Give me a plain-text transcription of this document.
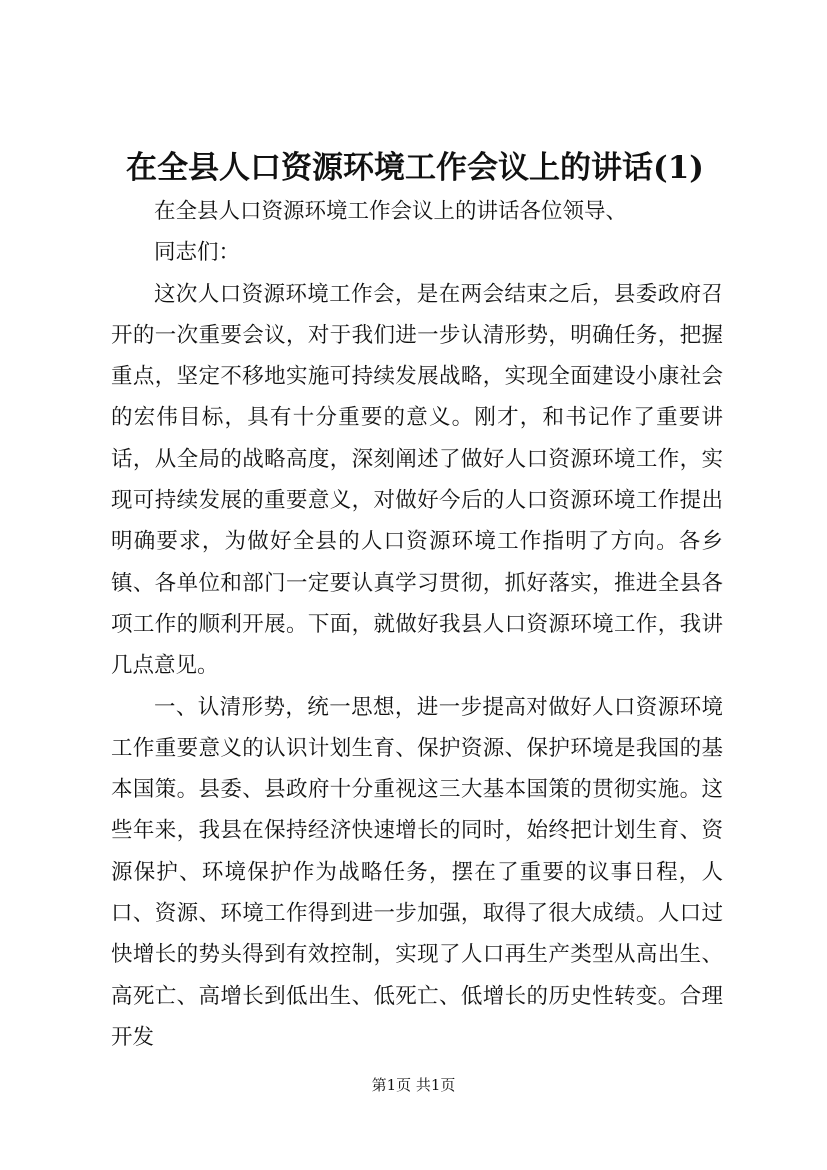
在全县人口资源环境工作会议上的讲话(1)

在全县人口资源环境工作会议上的讲话各位领导、

同志们：

这次人口资源环境工作会，是在两会结束之后，县委政府召开的一次重要会议，对于我们进一步认清形势，明确任务，把握重点，坚定不移地实施可持续发展战略，实现全面建设小康社会的宏伟目标，具有十分重要的意义。刚才，和书记作了重要讲话，从全局的战略高度，深刻阐述了做好人口资源环境工作，实现可持续发展的重要意义，对做好今后的人口资源环境工作提出明确要求，为做好全县的人口资源环境工作指明了方向。各乡镇、各单位和部门一定要认真学习贯彻，抓好落实，推进全县各项工作的顺利开展。下面，就做好我县人口资源环境工作，我讲几点意见。

一、认清形势，统一思想，进一步提高对做好人口资源环境工作重要意义的认识计划生育、保护资源、保护环境是我国的基本国策。县委、县政府十分重视这三大基本国策的贯彻实施。这些年来，我县在保持经济快速增长的同时，始终把计划生育、资源保护、环境保护作为战略任务，摆在了重要的议事日程，人口、资源、环境工作得到进一步加强，取得了很大成绩。人口过快增长的势头得到有效控制，实现了人口再生产类型从高出生、高死亡、高增长到低出生、低死亡、低增长的历史性转变。合理开发

第1页 共1页
